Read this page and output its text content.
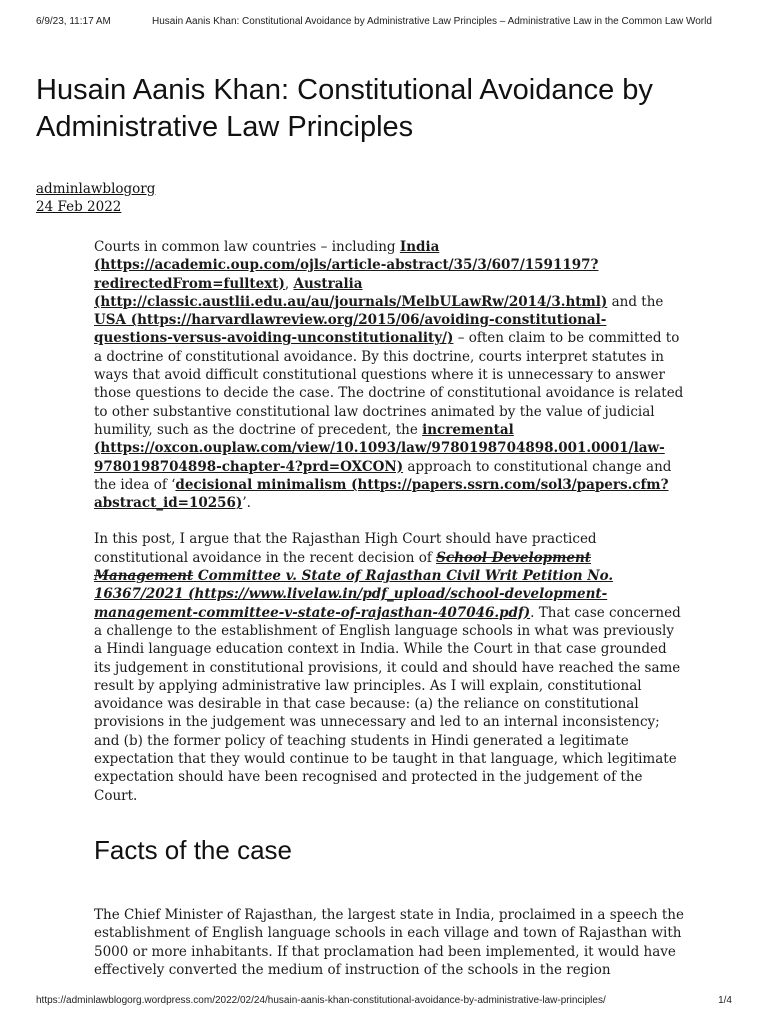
6/9/23, 11:17 AM	Husain Aanis Khan: Constitutional Avoidance by Administrative Law Principles – Administrative Law in the Common Law World
Husain Aanis Khan: Constitutional Avoidance by Administrative Law Principles
adminlawblogorg
24 Feb 2022

Courts in common law countries – including India (https://academic.oup.com/ojls/article-abstract/35/3/607/1591197?redirectedFrom=fulltext), Australia (http://classic.austlii.edu.au/au/journals/MelbULawRw/2014/3.html) and the USA (https://harvardlawreview.org/2015/06/avoiding-constitutional-questions-versus-avoiding-unconstitutionality/) – often claim to be committed to a doctrine of constitutional avoidance. By this doctrine, courts interpret statutes in ways that avoid difficult constitutional questions where it is unnecessary to answer those questions to decide the case. The doctrine of constitutional avoidance is related to other substantive constitutional law doctrines animated by the value of judicial humility, such as the doctrine of precedent, the incremental (https://oxcon.ouplaw.com/view/10.1093/law/9780198704898.001.0001/law-9780198704898-chapter-4?prd=OXCON) approach to constitutional change and the idea of ‘decisional minimalism (https://papers.ssrn.com/sol3/papers.cfm?abstract_id=10256)’.

In this post, I argue that the Rajasthan High Court should have practiced constitutional avoidance in the recent decision of School Development Management Committee v. State of Rajasthan Civil Writ Petition No. 16367/2021 (https://www.livelaw.in/pdf_upload/school-development-management-committee-v-state-of-rajasthan-407046.pdf). That case concerned a challenge to the establishment of English language schools in what was previously a Hindi language education context in India. While the Court in that case grounded its judgement in constitutional provisions, it could and should have reached the same result by applying administrative law principles. As I will explain, constitutional avoidance was desirable in that case because: (a) the reliance on constitutional provisions in the judgement was unnecessary and led to an internal inconsistency; and (b) the former policy of teaching students in Hindi generated a legitimate expectation that they would continue to be taught in that language, which legitimate expectation should have been recognised and protected in the judgement of the Court.

Facts of the case

The Chief Minister of Rajasthan, the largest state in India, proclaimed in a speech the establishment of English language schools in each village and town of Rajasthan with 5000 or more inhabitants. If that proclamation had been implemented, it would have effectively converted the medium of instruction of the schools in the region

https://adminlawblogorg.wordpress.com/2022/02/24/husain-aanis-khan-constitutional-avoidance-by-administrative-law-principles/	1/4
